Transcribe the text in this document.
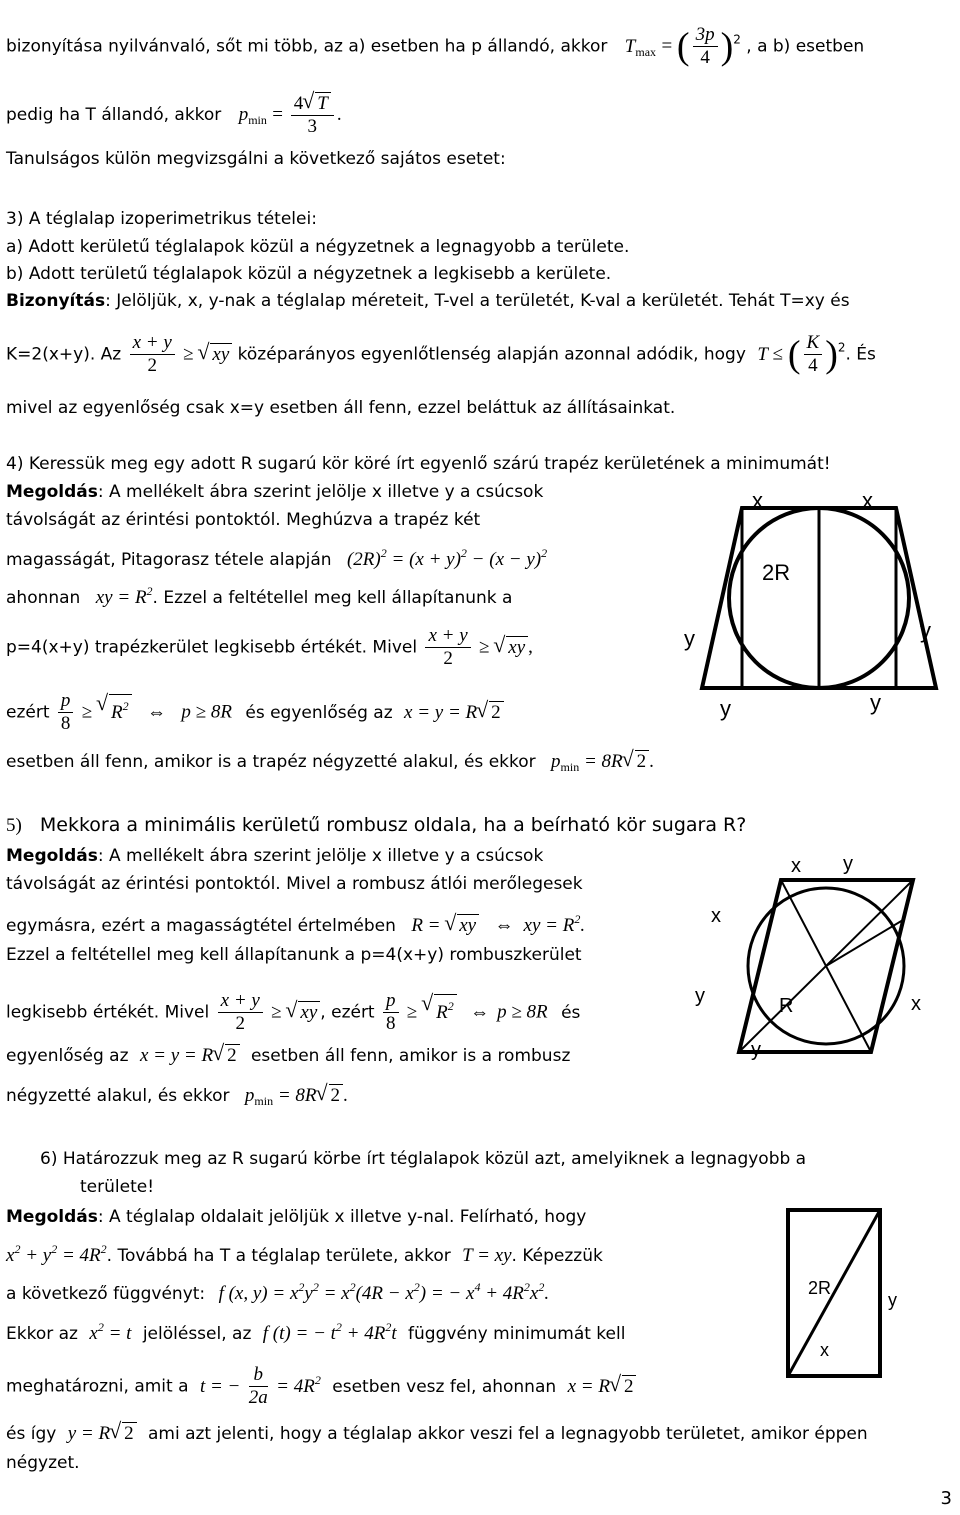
bizonyítása nyilvánvaló, sőt mi több, az a) esetben ha p állandó, akkor $T_{max}$ = ( $\frac{3p}{4} )^2$ , a b) esetben
pedig ha T állandó, akkor $p_{min} = \frac{4√ T}{3}$ .
Tanulságos külön megvizsgálni a következő sajátos esetet:
3) A téglalap izoperimetrikus tételei:
a) Adott kerületű téglalapok közül a négyzetnek a legnagyobb a területe.
b) Adott területű téglalapok közül a négyzetnek a legkisebb a kerülete.
Bizonyítás: Jelöljük, x, y-nak a téglalap méreteit, T-vel a területét, K-val a kerületét. Tehát T=xy és
K=2(x+y). Az $\frac{x + y}{2}$ ≥ √ xy középarányos egyenlőtlenség alapján azonnal adódik, hogy T ≤ ( $\frac{K}{4} )^2$. És
mivel az egyenlőség csak x=y esetben áll fenn, ezzel beláttuk az állításainkat.
4) Keressük meg egy adott R sugarú kör köré írt egyenlő szárú trapéz kerületének a minimumát!
Megoldás: A mellékelt ábra szerint jelölje x illetve y a csúcsok
távolságát az érintési pontoktól. Meghúzva a trapéz két
magasságát, Pitagorasz tétele alapján $(2R)^2 = (x + y)^2 - (x - y)^2$
ahonnan xy = $R^2$. Ezzel a feltétellel meg kell állapítanunk a
p=4(x+y) trapézkerület legkisebb értékét. Mivel $\frac{x + y}{2}$ ≥ √ xy ,
ezért $\frac{p}{8}$ ≥ √ $R^2$ ⇔ p ≥ 8R és egyenlőség az x = y = R√ 2
esetben áll fenn, amikor is a trapéz négyzetté alakul, és ekkor $p_{min} = 8R√$ 2 .
x	x
2R
y	y
y	y
5) Mekkora a minimális kerületű rombusz oldala, ha a beírható kör sugara R?
Megoldás: A mellékelt ábra szerint jelölje x illetve y a csúcsok
távolságát az érintési pontoktól. Mivel a rombusz átlói merőlegesek
egymásra, ezért a magasságtétel értelmében R = √ xy ⇔ xy = $R^2$.
Ezzel a feltétellel meg kell állapítanunk a p=4(x+y) rombuszkerület
legkisebb értékét. Mivel $\frac{x + y}{2}$ ≥ √ xy , ezért $\frac{p}{8}$ ≥ √ $R^2$ ⇔ p ≥ 8R és
egyenlőség az x = y = R√ 2 esetben áll fenn, amikor is a rombusz
négyzetté alakul, és ekkor $p_{min} = 8R√$ 2 .
x y
x
R
y	x
y
6) Határozzuk meg az R sugarú körbe írt téglalapok közül azt, amelyiknek a legnagyobb a
területe!
Megoldás: A téglalap oldalait jelöljük x illetve y-nal. Felírható, hogy
$x^2 + y^2 = 4R^2$. Továbbá ha T a téglalap területe, akkor T = xy. Képezzük
a következő függvényt: f (x, $y) = x^2y^2 = x^2(4R - x^2)$ = − $x^4 + 4R^2x^2$.
Ekkor az $x^2 = t$ jelöléssel, az f (t) = − $t^2 + 4R^2t$ függvény minimumát kell
meghatározni, amit a t = − $\frac{b}{2a} = 4R^2$ esetben vesz fel, ahonnan x = R√ 2
és így y = R√ 2 ami azt jelenti, hogy a téglalap akkor veszi fel a legnagyobb területet, amikor éppen
négyzet.
2R
y
x
3
